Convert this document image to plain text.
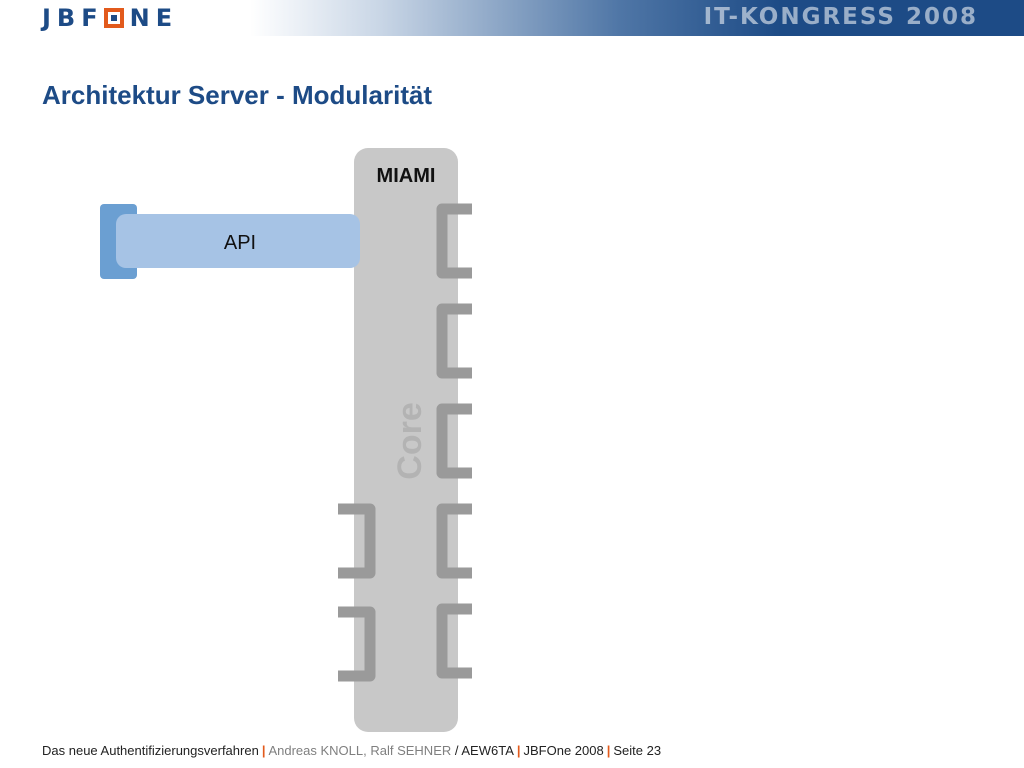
JBF NE	IT-KONGRESS 2008
Architektur Server - Modularität
MIAMI
API
Core
Das neue Authentifizierungsverfahren | Andreas KNOLL, Ralf SEHNER / AEW6TA | JBFOne 2008 | Seite 23
